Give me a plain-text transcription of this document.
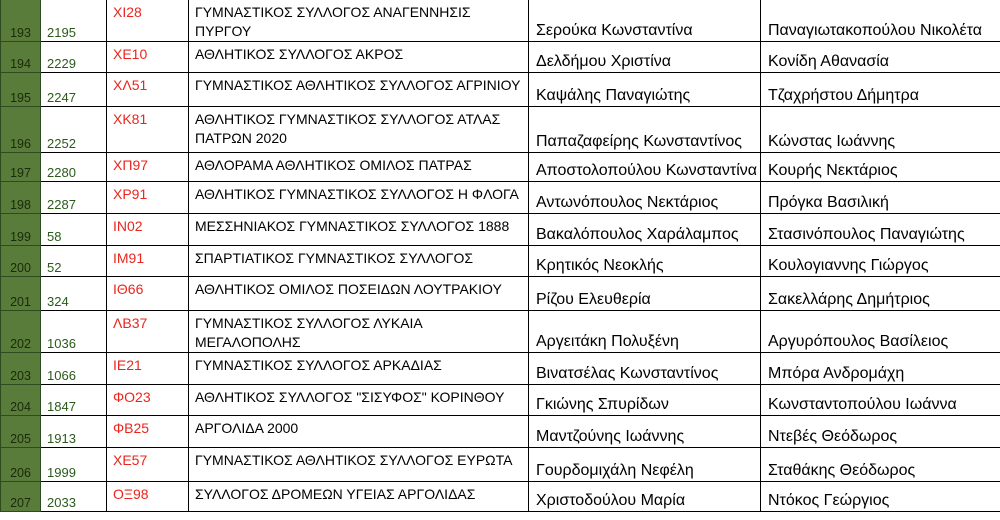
193	2195	ΧΙ28	ΓΥΜΝΑΣΤΙΚΟΣ ΣΥΛΛΟΓΟΣ ΑΝΑΓΕΝΝΗΣΙΣ ΠΥΡΓΟΥ	Σερούκα Κωνσταντίνα	Παναγιωτακοπούλου Νικολέτα
194	2229	ΧΕ10	ΑΘΛΗΤΙΚΟΣ ΣΥΛΛΟΓΟΣ ΑΚΡΟΣ	Δελδήμου Χριστίνα	Κονίδη Αθανασία
195	2247	ΧΛ51	ΓΥΜΝΑΣΤΙΚΟΣ ΑΘΛΗΤΙΚΟΣ ΣΥΛΛΟΓΟΣ ΑΓΡΙΝΙΟΥ	Καψάλης Παναγιώτης	Τζαχρήστου Δήμητρα
196	2252	ΧΚ81	ΑΘΛΗΤΙΚΟΣ ΓΥΜΝΑΣΤΙΚΟΣ ΣΥΛΛΟΓΟΣ ΑΤΛΑΣ ΠΑΤΡΩΝ 2020	Παπαζαφείρης Κωνσταντίνος	Κώνστας Ιωάννης
197	2280	ΧΠ97	ΑΘΛΟΡΑΜΑ ΑΘΛΗΤΙΚΟΣ ΟΜΙΛΟΣ ΠΑΤΡΑΣ	Αποστολοπούλου Κωνσταντίνα	Κουρής Νεκτάριος
198	2287	ΧΡ91	ΑΘΛΗΤΙΚΟΣ ΓΥΜΝΑΣΤΙΚΟΣ ΣΥΛΛΟΓΟΣ Η ΦΛΟΓΑ	Αντωνόπουλος Νεκτάριος	Πρόγκα Βασιλική
199	58	ΙΝ02	ΜΕΣΣΗΝΙΑΚΟΣ ΓΥΜΝΑΣΤΙΚΟΣ ΣΥΛΛΟΓΟΣ 1888	Βακαλόπουλος Χαράλαμπος	Στασινόπουλος Παναγιώτης
200	52	ΙΜ91	ΣΠΑΡΤΙΑΤΙΚΟΣ ΓΥΜΝΑΣΤΙΚΟΣ ΣΥΛΛΟΓΟΣ	Κρητικός Νεοκλής	Κουλογιαννης Γιώργος
201	324	ΙΘ66	ΑΘΛΗΤΙΚΟΣ ΟΜΙΛΟΣ ΠΟΣΕΙΔΩΝ ΛΟΥΤΡΑΚΙΟΥ	Ρίζου Ελευθερία	Σακελλάρης Δημήτριος
202	1036	ΛΒ37	ΓΥΜΝΑΣΤΙΚΟΣ ΣΥΛΛΟΓΟΣ ΛΥΚΑΙΑ ΜΕΓΑΛΟΠΟΛΗΣ	Αργειτάκη Πολυξένη	Αργυρόπουλος Βασίλειος
203	1066	ΙΕ21	ΓΥΜΝΑΣΤΙΚΟΣ ΣΥΛΛΟΓΟΣ ΑΡΚΑΔΙΑΣ	Βινατσέλας Κωνσταντίνος	Μπόρα Ανδρομάχη
204	1847	ΦΟ23	ΑΘΛΗΤΙΚΟΣ ΣΥΛΛΟΓΟΣ "ΣΙΣΥΦΟΣ" ΚΟΡΙΝΘΟΥ	Γκιώνης Σπυρίδων	Κωνσταντοπούλου Ιωάννα
205	1913	ΦΒ25	ΑΡΓΟΛΙΔΑ 2000	Μαντζούνης Ιωάννης	Ντεβές Θεόδωρος
206	1999	ΧΕ57	ΓΥΜΝΑΣΤΙΚΟΣ ΑΘΛΗΤΙΚΟΣ ΣΥΛΛΟΓΟΣ ΕΥΡΩΤΑ	Γουρδομιχάλη Νεφέλη	Σταθάκης Θεόδωρος
207	2033	ΟΞ98	ΣΥΛΛΟΓΟΣ ΔΡΟΜΕΩΝ ΥΓΕΙΑΣ ΑΡΓΟΛΙΔΑΣ	Χριστοδούλου Μαρία	Ντόκος Γεώργιος
